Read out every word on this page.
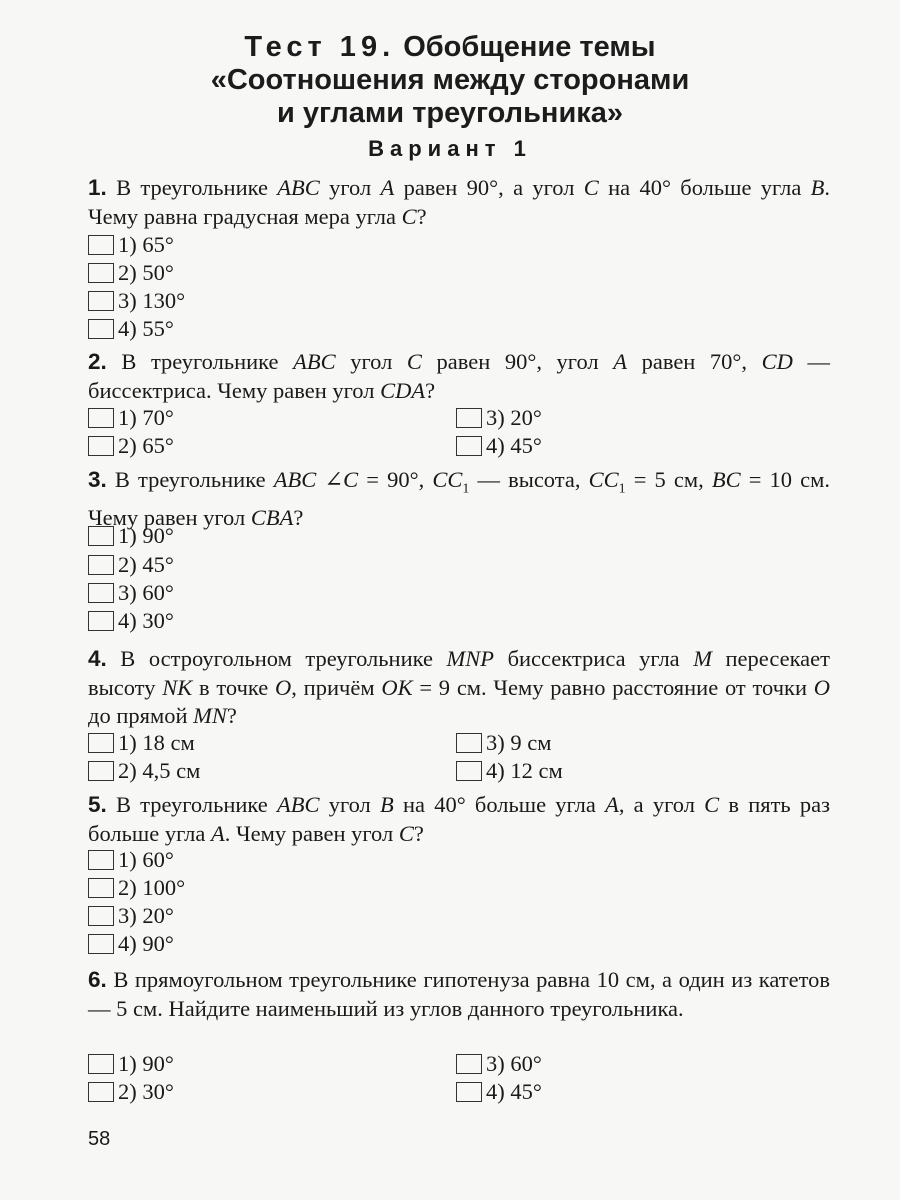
Тест 19. Обобщение темы
«Соотношения между сторонами
и углами треугольника»
Вариант 1
1. В треугольнике ABC угол A равен 90°, а угол C на 40° больше угла B. Чему равна градусная мера угла C?
1) 65°
2) 50°
3) 130°
4) 55°
2. В треугольнике ABC угол C равен 90°, угол A равен 70°, CD — биссектриса. Чему равен угол CDA?
1) 70°
2) 65°
3) 20°
4) 45°
3. В треугольнике ABC ∠C = 90°, $CC_1$ — высота, $CC_1 = 5$ см, BC = 10 см. Чему равен угол CBA?
1) 90°
2) 45°
3) 60°
4) 30°
4. В остроугольном треугольнике MNP биссектриса угла M пересекает высоту NK в точке O, причём OK = 9 см. Чему равно расстояние от точки O до прямой MN?
1) 18 см
2) 4,5 см
3) 9 см
4) 12 см
5. В треугольнике ABC угол B на 40° больше угла A, а угол C в пять раз больше угла A. Чему равен угол C?
1) 60°
2) 100°
3) 20°
4) 90°
6. В прямоугольном треугольнике гипотенуза равна 10 см, а один из катетов — 5 см. Найдите наименьший из углов данного треугольника.
1) 90°
2) 30°
3) 60°
4) 45°
58
